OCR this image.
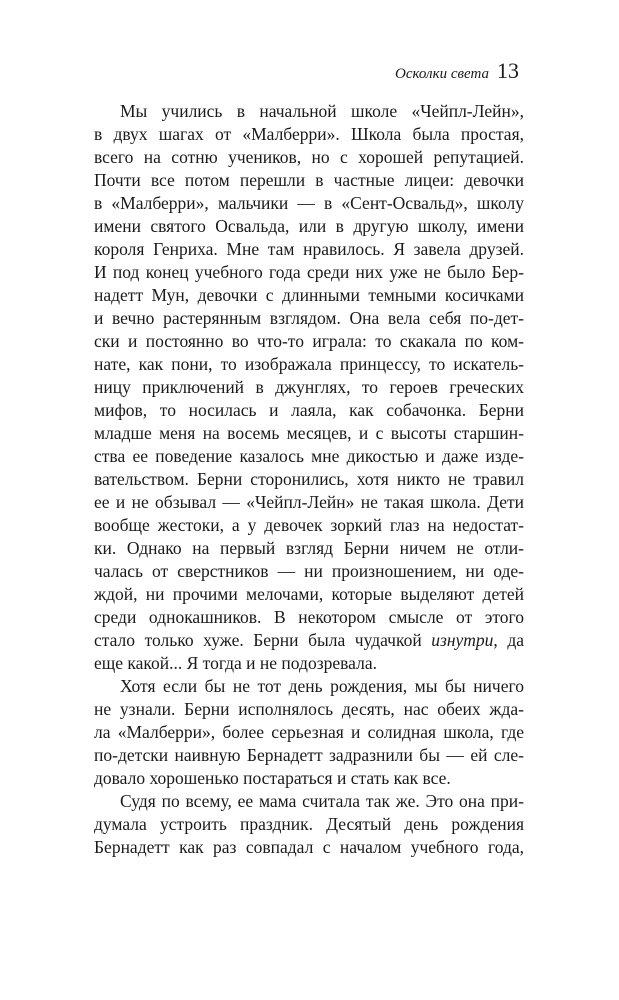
Осколки света 13
Мы учились в начальной школе «Чейпл-Лейн»,
в двух шагах от «Малберри». Школа была простая,
всего на сотню учеников, но с хорошей репутацией.
Почти все потом перешли в частные лицеи: девочки
в «Малберри», мальчики — в «Сент-Освальд», школу
имени святого Освальда, или в другую школу, имени
короля Генриха. Мне там нравилось. Я завела друзей.
И под конец учебного года среди них уже не было Бер-
надетт Мун, девочки с длинными темными косичками
и вечно растерянным взглядом. Она вела себя по-дет-
ски и постоянно во что-то играла: то скакала по ком-
нате, как пони, то изображала принцессу, то искатель-
ницу приключений в джунглях, то героев греческих
мифов, то носилась и лаяла, как собачонка. Берни
младше меня на восемь месяцев, и с высоты старшин-
ства ее поведение казалось мне дикостью и даже изде-
вательством. Берни сторонились, хотя никто не травил
ее и не обзывал — «Чейпл-Лейн» не такая школа. Дети
вообще жестоки, а у девочек зоркий глаз на недостат-
ки. Однако на первый взгляд Берни ничем не отли-
чалась от сверстников — ни произношением, ни оде-
ждой, ни прочими мелочами, которые выделяют детей
среди однокашников. В некотором смысле от этого
стало только хуже. Берни была чудачкой изнутри, да
еще какой... Я тогда и не подозревала.
Хотя если бы не тот день рождения, мы бы ничего
не узнали. Берни исполнялось десять, нас обеих жда-
ла «Малберри», более серьезная и солидная школа, где
по-детски наивную Бернадетт задразнили бы — ей сле-
довало хорошенько постараться и стать как все.
Судя по всему, ее мама считала так же. Это она при-
думала устроить праздник. Десятый день рождения
Бернадетт как раз совпадал с началом учебного года,
